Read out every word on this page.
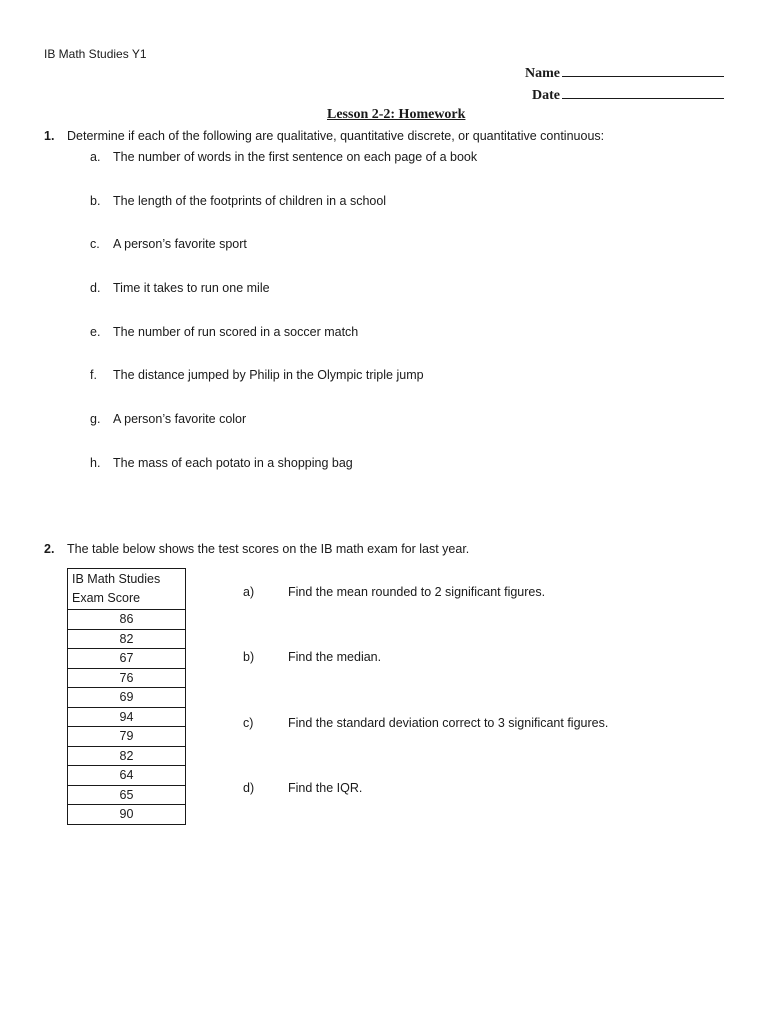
IB Math Studies Y1
Name
Date
Lesson 2-2: Homework
1. Determine if each of the following are qualitative, quantitative discrete, or quantitative continuous:
a. The number of words in the first sentence on each page of a book
b. The length of the footprints of children in a school
c. A person’s favorite sport
d. Time it takes to run one mile
e. The number of run scored in a soccer match
f. The distance jumped by Philip in the Olympic triple jump
g. A person’s favorite color
h. The mass of each potato in a shopping bag
2. The table below shows the test scores on the IB math exam for last year.
IB Math Studies
Exam Score

86
82
67
76
69
94
79
82
64
65
90
a)	Find the mean rounded to 2 significant figures.
b)	Find the median.
c)	Find the standard deviation correct to 3 significant figures.
d)	Find the IQR.
